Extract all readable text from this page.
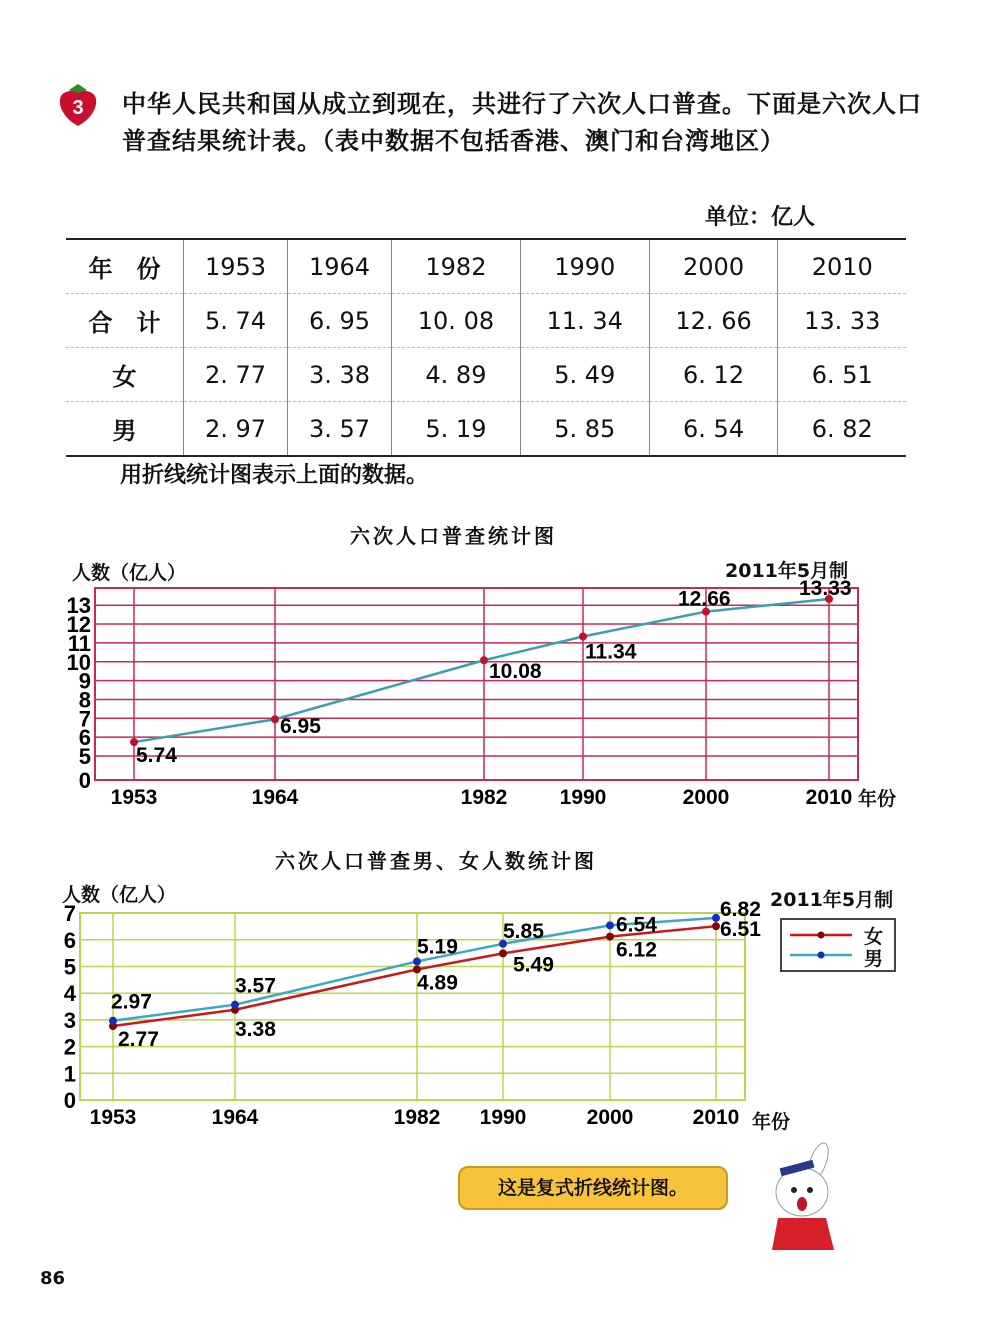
3 中华人民共和国从成立到现在，共进行了六次人口普查。下面是六次人口普查结果统计表。（表中数据不包括香港、澳门和台湾地区）
单位：亿人
年　份	1953	1964	1982	1990	2000	2010
合　计	5. 74	6. 95	10. 08	11. 34	12. 66	13. 33
女	2. 77	3. 38	4. 89	5. 49	6. 12	6. 51
男	2. 97	3. 57	5. 19	5. 85	6. 54	6. 82
用折线统计图表示上面的数据。
六次人口普查统计图
人数（亿人）	2011年5月制
年份
0
5
6
7
8
9
10
11
12
13
1953	1964	1982 1990	2000	2010
5.74
6.95
10.08
11.34
12.66	13.33
六次人口普查男、女人数统计图
人数（亿人）	2011年5月制
年份
0
1
2
3
4
5
6
7
1953	1964	1982 1990	2000	2010
2.77	3.38
4.89
5.49
6.12
6.51
2.97
3.57
5.19
5.85	6.54
6.82
女
男
这是复式折线统计图。
86
